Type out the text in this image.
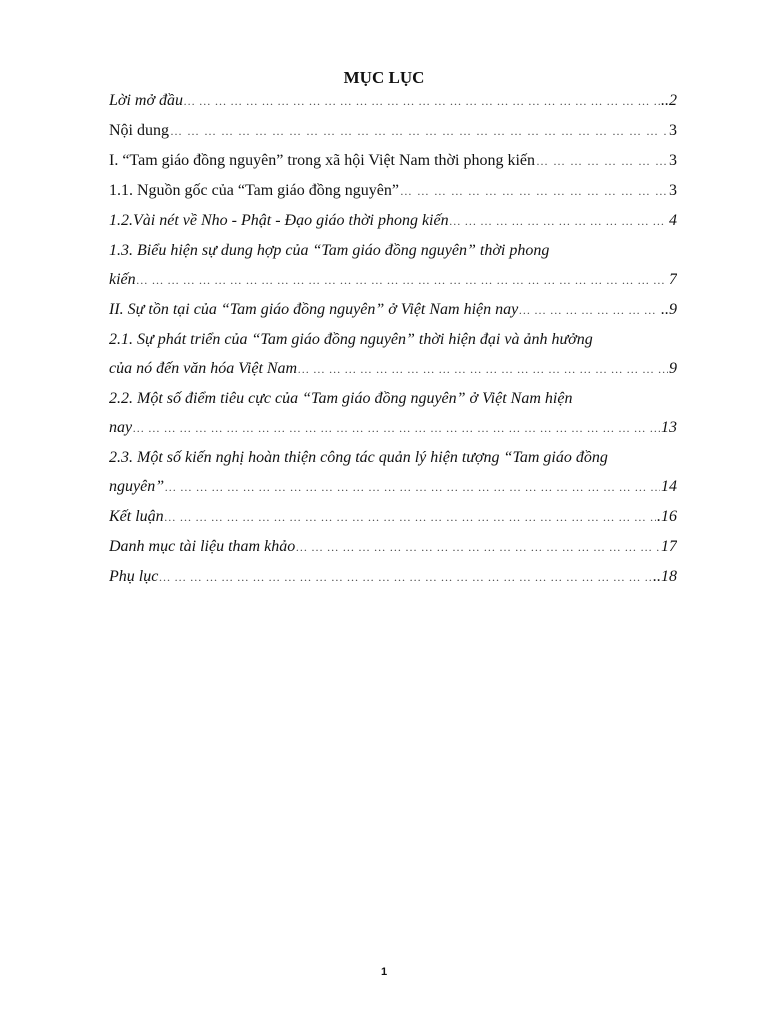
MỤC LỤC
Lời mở đầu … … … … … … … … … … … … … … … … … … … … … … … … … … … … … … … … … … … … … … … … … … … … … … … … … … …	..2
Nội dung … … … … … … … … … … … … … … … … … … … … … … … … … … … … … … … … … … … … … … … … … … … … … … … … … … …	3
I. “Tam giáo đồng nguyên” trong xã hội Việt Nam thời phong kiến … … … … … … … … … … … … … … … … … … … … … … … … … … … … … … … … … … … … … … … … … … … … … … … … … … …	3
1.1. Nguồn gốc của “Tam giáo đồng nguyên” … … … … … … … … … … … … … … … … … … … … … … … … … … … … … … … … … … … … … … … … … … … … … … … … … … …	3
1.2.Vài nét về Nho - Phật - Đạo giáo thời phong kiến … … … … … … … … … … … … … … … … … … … … … … … … … … … … … … … … … … … … … … … … … … … … … … … … … … …	4
1.3. Biểu hiện sự dung hợp của “Tam giáo đồng nguyên” thời phong
kiến … … … … … … … … … … … … … … … … … … … … … … … … … … … … … … … … … … … … … … … … … … … … … … … … … … …	7
II. Sự tồn tại của “Tam giáo đồng nguyên” ở Việt Nam hiện nay … … … … … … … … … … … … … … … … … … … … … … … … … … … … … … … … … … … … … … … … … … … … … … … … … … …	..9
2.1. Sự phát triển của “Tam giáo đồng nguyên” thời hiện đại và ảnh hưởng
của nó đến văn hóa Việt Nam … … … … … … … … … … … … … … … … … … … … … … … … … … … … … … … … … … … … … … … … … … … … … … … … … … …	9
2.2. Một số điểm tiêu cực của “Tam giáo đồng nguyên” ở Việt Nam hiện
nay … … … … … … … … … … … … … … … … … … … … … … … … … … … … … … … … … … … … … … … … … … … … … … … … … … …	13
2.3. Một số kiến nghị hoàn thiện công tác quản lý hiện tượng “Tam giáo đồng
nguyên” … … … … … … … … … … … … … … … … … … … … … … … … … … … … … … … … … … … … … … … … … … … … … … … … … … …	14
Kết luận … … … … … … … … … … … … … … … … … … … … … … … … … … … … … … … … … … … … … … … … … … … … … … … … … … …	.16
Danh mục tài liệu tham khảo … … … … … … … … … … … … … … … … … … … … … … … … … … … … … … … … … … … … … … … … … … … … … … … … … … …	17
Phụ lục … … … … … … … … … … … … … … … … … … … … … … … … … … … … … … … … … … … … … … … … … … … … … … … … … … …	..18
1
